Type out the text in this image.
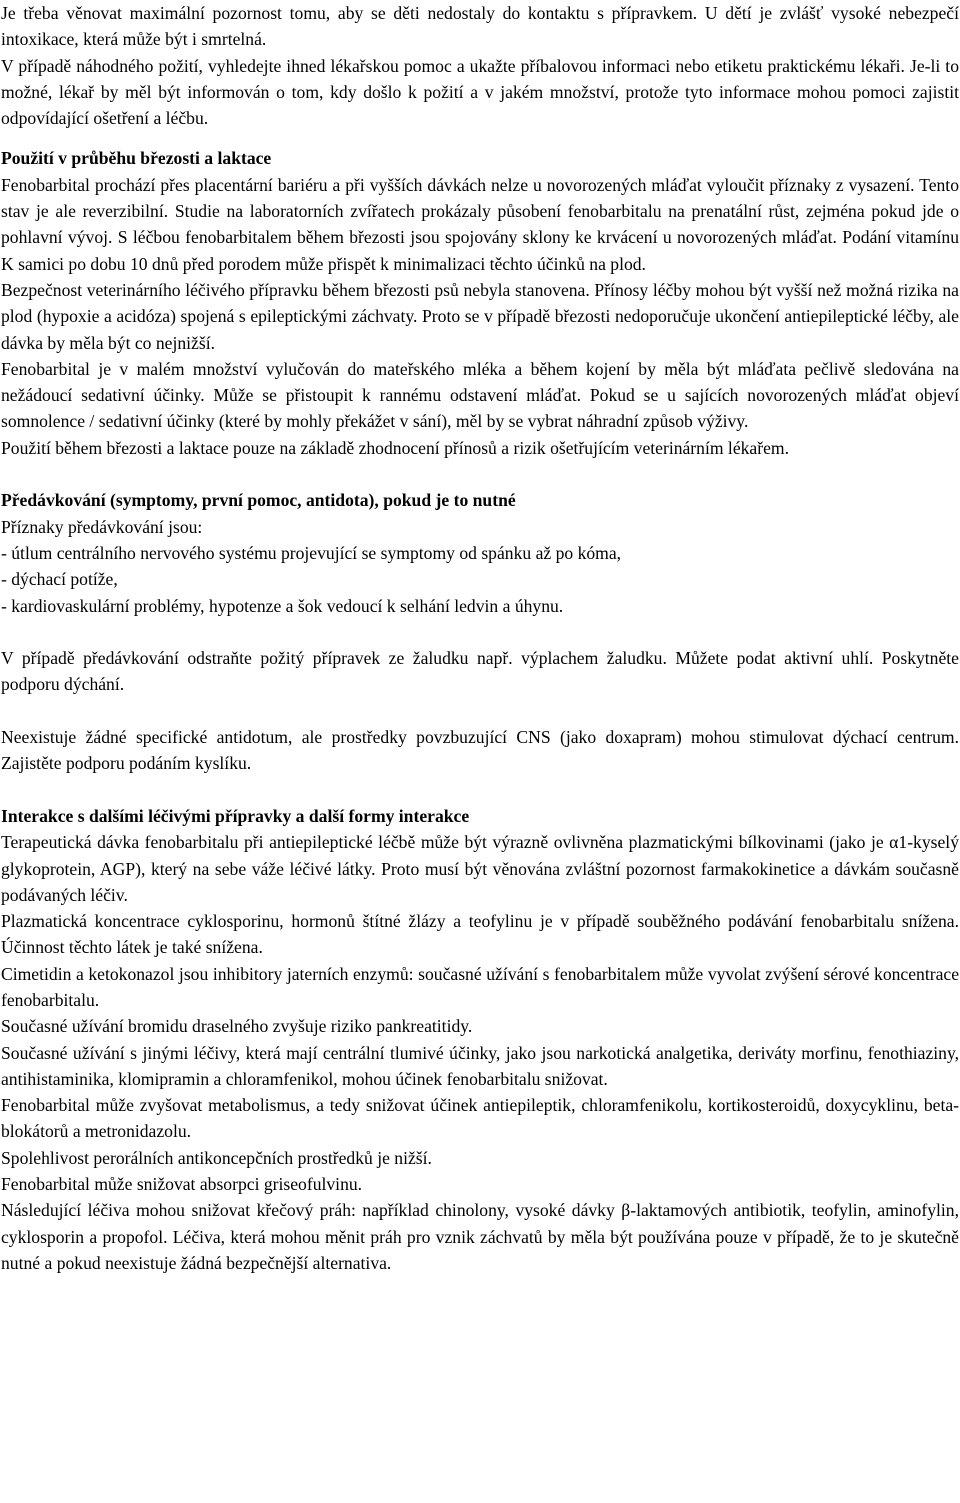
Je třeba věnovat maximální pozornost tomu, aby se děti nedostaly do kontaktu s přípravkem. U dětí je zvlášť vysoké nebezpečí intoxikace, která může být i smrtelná.

V případě náhodného požití, vyhledejte ihned lékařskou pomoc a ukažte příbalovou informaci nebo etiketu praktickému lékaři. Je-li to možné, lékař by měl být informován o tom, kdy došlo k požití a v jakém množství, protože tyto informace mohou pomoci zajistit odpovídající ošetření a léčbu.

Použití v průběhu březosti a laktace

Fenobarbital prochází přes placentární bariéru a při vyšších dávkách nelze u novorozených mláďat vyloučit příznaky z vysazení. Tento stav je ale reverzibilní. Studie na laboratorních zvířatech prokázaly působení fenobarbitalu na prenatální růst, zejména pokud jde o pohlavní vývoj. S léčbou fenobarbitalem během březosti jsou spojovány sklony ke krvácení u novorozených mláďat. Podání vitamínu K samici po dobu 10 dnů před porodem může přispět k minimalizaci těchto účinků na plod.

Bezpečnost veterinárního léčivého přípravku během březosti psů nebyla stanovena. Přínosy léčby mohou být vyšší než možná rizika na plod (hypoxie a acidóza) spojená s epileptickými záchvaty. Proto se v případě březosti nedoporučuje ukončení antiepileptické léčby, ale dávka by měla být co nejnižší.

Fenobarbital je v malém množství vylučován do mateřského mléka a během kojení by měla být mláďata pečlivě sledována na nežádoucí sedativní účinky. Může se přistoupit k rannému odstavení mláďat. Pokud se u sajících novorozených mláďat objeví somnolence / sedativní účinky (které by mohly překážet v sání), měl by se vybrat náhradní způsob výživy.

Použití během březosti a laktace pouze na základě zhodnocení přínosů a rizik ošetřujícím veterinárním lékařem.

Předávkování (symptomy, první pomoc, antidota), pokud je to nutné

Příznaky předávkování jsou:

- útlum centrálního nervového systému projevující se symptomy od spánku až po kóma,

- dýchací potíže,

- kardiovaskulární problémy, hypotenze a šok vedoucí k selhání ledvin a úhynu.

V případě předávkování odstraňte požitý přípravek ze žaludku např. výplachem žaludku. Můžete podat aktivní uhlí. Poskytněte podporu dýchání.

Neexistuje žádné specifické antidotum, ale prostředky povzbuzující CNS (jako doxapram) mohou stimulovat dýchací centrum. Zajistěte podporu podáním kyslíku.

Interakce s dalšími léčivými přípravky a další formy interakce

Terapeutická dávka fenobarbitalu při antiepileptické léčbě může být výrazně ovlivněna plazmatickými bílkovinami (jako je α1-kyselý glykoprotein, AGP), který na sebe váže léčivé látky. Proto musí být věnována zvláštní pozornost farmakokinetice a dávkám současně podávaných léčiv.

Plazmatická koncentrace cyklosporinu, hormonů štítné žlázy a teofylinu je v případě souběžného podávání fenobarbitalu snížena. Účinnost těchto látek je také snížena.

Cimetidin a ketokonazol jsou inhibitory jaterních enzymů: současné užívání s fenobarbitalem může vyvolat zvýšení sérové koncentrace fenobarbitalu.

Současné užívání bromidu draselného zvyšuje riziko pankreatitidy.

Současné užívání s jinými léčivy, která mají centrální tlumivé účinky, jako jsou narkotická analgetika, deriváty morfinu, fenothiaziny, antihistaminika, klomipramin a chloramfenikol, mohou účinek fenobarbitalu snižovat.

Fenobarbital může zvyšovat metabolismus, a tedy snižovat účinek antiepileptik, chloramfenikolu, kortikosteroidů, doxycyklinu, beta-blokátorů a metronidazolu.

Spolehlivost perorálních antikoncepčních prostředků je nižší.

Fenobarbital může snižovat absorpci griseofulvinu.

Následující léčiva mohou snižovat křečový práh: například chinolony, vysoké dávky β-laktamových antibiotik, teofylin, aminofylin, cyklosporin a propofol. Léčiva, která mohou měnit práh pro vznik záchvatů by měla být používána pouze v případě, že to je skutečně nutné a pokud neexistuje žádná bezpečnější alternativa.
